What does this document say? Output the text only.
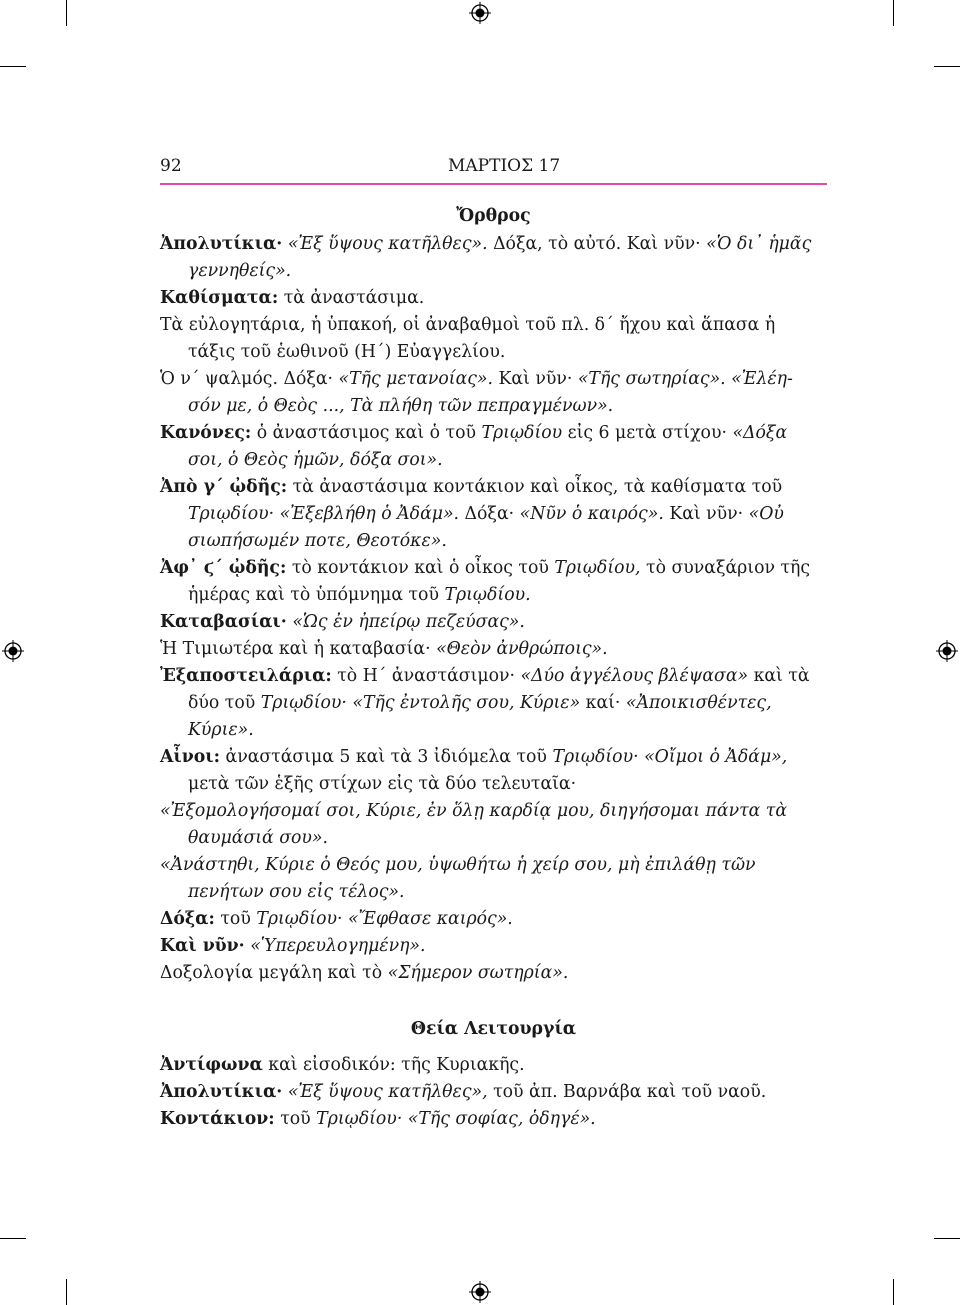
92	ΜΑΡΤΙΟΣ 17

Ὄρθρος

Ἀπολυτίκια· «Ἐξ ὕψους κατῆλθες». Δόξα, τὸ αὐτό. Καὶ νῦν· «Ὁ δι᾿ ἡμᾶς

γεννηθείς».

Καθίσματα: τὰ ἀναστάσιμα.

Τὰ εὐλογητάρια, ἡ ὑπακοή, οἱ ἀναβαθμοὶ τοῦ πλ. δ΄ ἤχου καὶ ἅπασα ἡ

τάξις τοῦ ἑωθινοῦ (Η΄) Εὐαγγελίου.

Ὁ ν΄ ψαλμός. Δόξα· «Τῆς μετανοίας». Καὶ νῦν· «Τῆς σωτηρίας». «Ἐλέη-

σόν με, ὁ Θεὸς ..., Τὰ πλήθη τῶν πεπραγμένων».

Κανόνες: ὁ ἀναστάσιμος καὶ ὁ τοῦ Τριῳδίου εἰς 6 μετὰ στίχου· «Δόξα

σοι, ὁ Θεὸς ἡμῶν, δόξα σοι».

Ἀπὸ γ΄ ᾠδῆς: τὰ ἀναστάσιμα κοντάκιον καὶ οἶκος, τὰ καθίσματα τοῦ

Τριῳδίου· «Ἐξεβλήθη ὁ Ἀδάμ». Δόξα· «Νῦν ὁ καιρός». Καὶ νῦν· «Οὐ

σιωπήσωμέν ποτε, Θεοτόκε».

Ἀφ᾿ ϛ΄ ᾠδῆς: τὸ κοντάκιον καὶ ὁ οἶκος τοῦ Τριῳδίου, τὸ συναξάριον τῆς

ἡμέρας καὶ τὸ ὑπόμνημα τοῦ Τριῳδίου.

Καταβασίαι· «Ὡς ἐν ἠπείρῳ πεζεύσας».

Ἡ Τιμιωτέρα καὶ ἡ καταβασία· «Θεὸν ἀνθρώποις».

Ἐξαποστειλάρια: τὸ Η΄ ἀναστάσιμον· «Δύο ἀγγέλους βλέψασα» καὶ τὰ

δύο τοῦ Τριῳδίου· «Τῆς ἐντολῆς σου, Κύριε» καί· «Ἀποικισθέντες,

Κύριε».

Αἶνοι: ἀναστάσιμα 5 καὶ τὰ 3 ἰδιόμελα τοῦ Τριῳδίου· «Οἴμοι ὁ Ἀδάμ»,

μετὰ τῶν ἑξῆς στίχων εἰς τὰ δύο τελευταῖα·

«Ἐξομολογήσομαί σοι, Κύριε, ἐν ὅλῃ καρδίᾳ μου, διηγήσομαι πάντα τὰ

θαυμάσιά σου».

«Ἀνάστηθι, Κύριε ὁ Θεός μου, ὑψωθήτω ἡ χείρ σου, μὴ ἐπιλάθῃ τῶν

πενήτων σου εἰς τέλος».

Δόξα: τοῦ Τριῳδίου· «Ἔφθασε καιρός».

Καὶ νῦν· «Ὑπερευλογημένη».

Δοξολογία μεγάλη καὶ τὸ «Σήμερον σωτηρία».

Θεία Λειτουργία

Ἀντίφωνα καὶ εἰσοδικόν: τῆς Κυριακῆς.

Ἀπολυτίκια· «Ἐξ ὕψους κατῆλθες», τοῦ ἀπ. Βαρνάβα καὶ τοῦ ναοῦ.

Κοντάκιον: τοῦ Τριῳδίου· «Τῆς σοφίας, ὁδηγέ».
